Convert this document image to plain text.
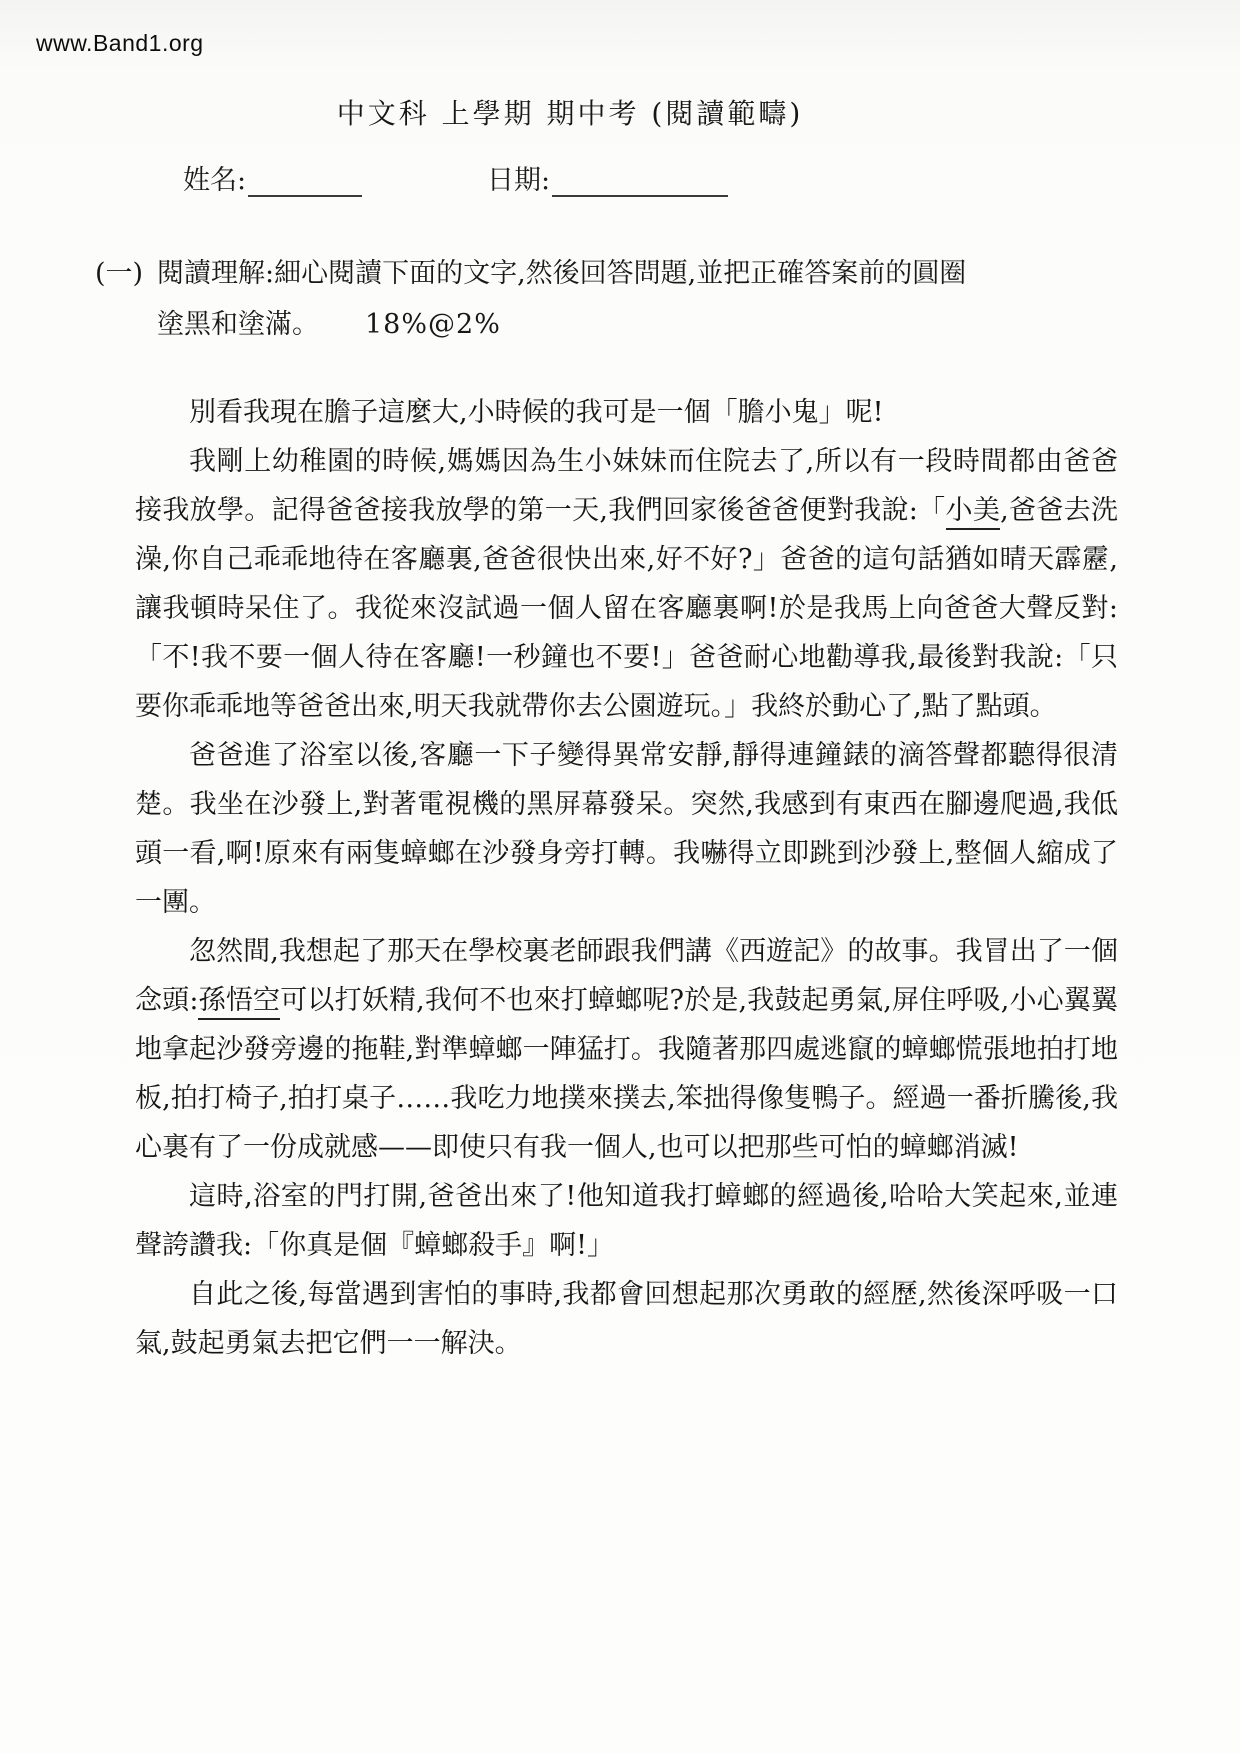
www.Band1.org
中文科 上學期 期中考 (閱讀範疇)
姓名:	日期:
(一) 閱讀理解:細心閱讀下面的文字,然後回答問題,並把正確答案前的圓圈
塗黑和塗滿。 18%@2%

別看我現在膽子這麼大,小時候的我可是一個「膽小鬼」呢!

我剛上幼稚園的時候,媽媽因為生小妹妹而住院去了,所以有一段時間都由爸爸接我放學。記得爸爸接我放學的第一天,我們回家後爸爸便對我說:「小美,爸爸去洗澡,你自己乖乖地待在客廳裏,爸爸很快出來,好不好?」爸爸的這句話猶如晴天霹靂,讓我頓時呆住了。我從來沒試過一個人留在客廳裏啊!於是我馬上向爸爸大聲反對:「不!我不要一個人待在客廳!一秒鐘也不要!」爸爸耐心地勸導我,最後對我說:「只要你乖乖地等爸爸出來,明天我就帶你去公園遊玩。」我終於動心了,點了點頭。

爸爸進了浴室以後,客廳一下子變得異常安靜,靜得連鐘錶的滴答聲都聽得很清楚。我坐在沙發上,對著電視機的黑屏幕發呆。突然,我感到有東西在腳邊爬過,我低頭一看,啊!原來有兩隻蟑螂在沙發身旁打轉。我嚇得立即跳到沙發上,整個人縮成了一團。

忽然間,我想起了那天在學校裏老師跟我們講《西遊記》的故事。我冒出了一個念頭:孫悟空可以打妖精,我何不也來打蟑螂呢?於是,我鼓起勇氣,屏住呼吸,小心翼翼地拿起沙發旁邊的拖鞋,對準蟑螂一陣猛打。我隨著那四處逃竄的蟑螂慌張地拍打地板,拍打椅子,拍打桌子……我吃力地撲來撲去,笨拙得像隻鴨子。經過一番折騰後,我心裏有了一份成就感——即使只有我一個人,也可以把那些可怕的蟑螂消滅!

這時,浴室的門打開,爸爸出來了!他知道我打蟑螂的經過後,哈哈大笑起來,並連聲誇讚我:「你真是個『蟑螂殺手』啊!」

自此之後,每當遇到害怕的事時,我都會回想起那次勇敢的經歷,然後深呼吸一口氣,鼓起勇氣去把它們一一解決。
